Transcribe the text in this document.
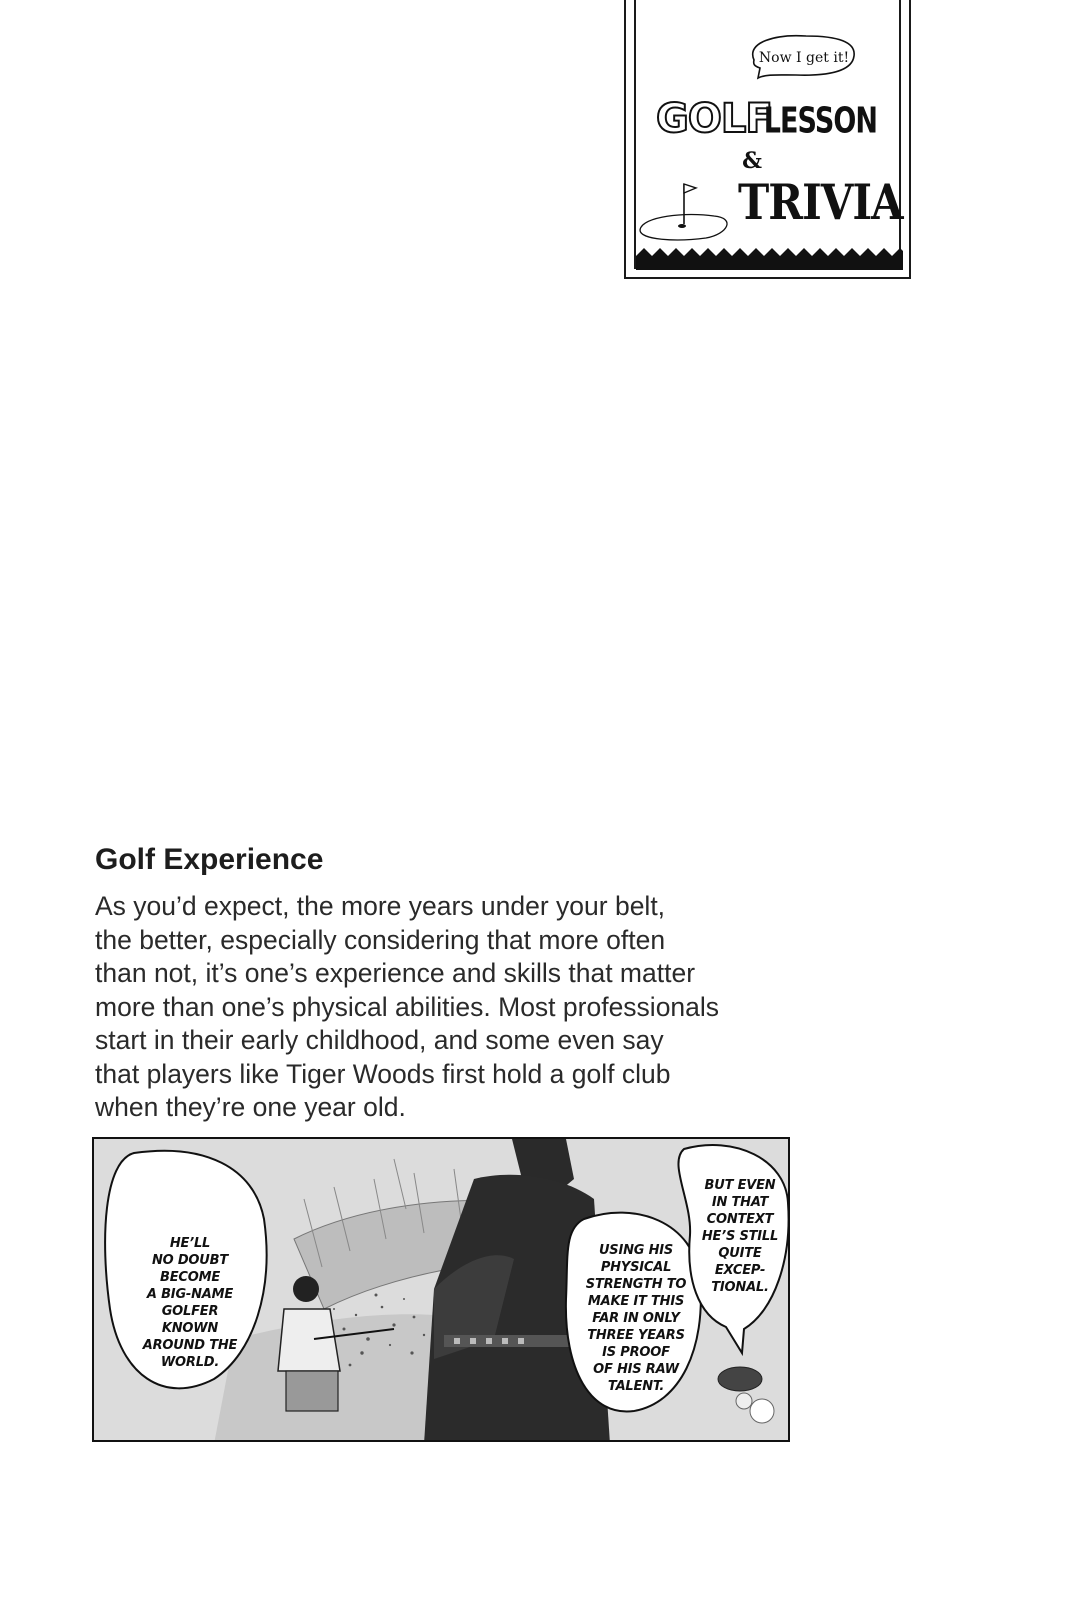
Now I get it!
GOLF
LESSON
&
TRIVIA
Golf Experience

As you’d expect, the more years under your belt,
the better, especially considering that more often
than not, it’s one’s experience and skills that matter
more than one’s physical abilities. Most professionals
start in their early childhood, and some even say
that players like Tiger Woods first hold a golf club
when they’re one year old.

HE’LL
NO DOUBT
BECOME
A BIG-NAME
GOLFER
KNOWN
AROUND THE
WORLD.
USING HIS
PHYSICAL
STRENGTH TO
MAKE IT THIS
FAR IN ONLY
THREE YEARS
IS PROOF
OF HIS RAW
TALENT.
BUT EVEN
IN THAT
CONTEXT
HE’S STILL
QUITE
EXCEP-
TIONAL.
